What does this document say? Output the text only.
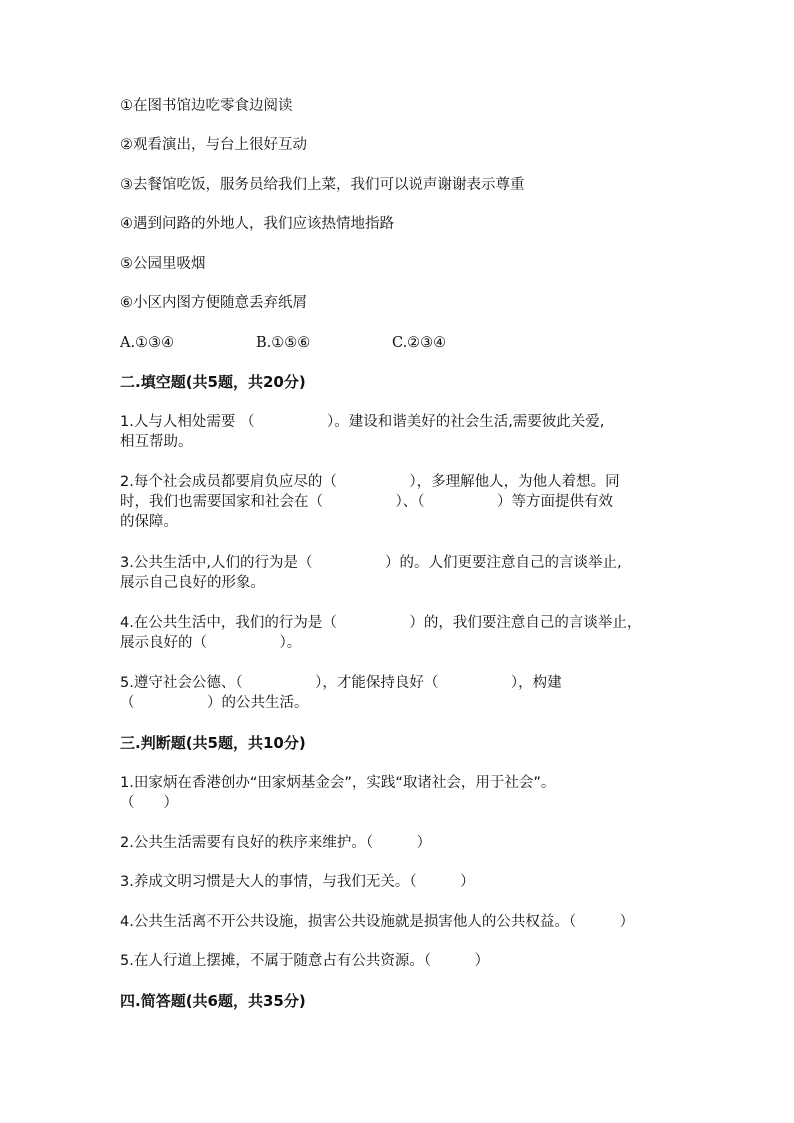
①在图书馆边吃零食边阅读
②观看演出，与台上很好互动
③去餐馆吃饭，服务员给我们上菜，我们可以说声谢谢表示尊重
④遇到问路的外地人，我们应该热情地指路
⑤公园里吸烟
⑥小区内图方便随意丢弃纸屑
A.①③④	B.①⑤⑥	C.②③④
二.填空题(共5题，共20分)
1.人与人相处需要 （　　　　　）。建设和谐美好的社会生活,需要彼此关爱,
相互帮助。
2.每个社会成员都要肩负应尽的（　　　　　），多理解他人，为他人着想。同
时，我们也需要国家和社会在（　　　　　）、（　　　　　）等方面提供有效
的保障。
3.公共生活中,人们的行为是（　　　　　）的。人们更要注意自己的言谈举止,
展示自己良好的形象。
4.在公共生活中，我们的行为是（　　　　　）的，我们要注意自己的言谈举止，
展示良好的（　　　　　）。
5.遵守社会公德、（　　　　　），才能保持良好（　　　　　），构建
（　　　　　）的公共生活。
三.判断题(共5题，共10分)
1.田家炳在香港创办“田家炳基金会”，实践“取诸社会，用于社会”。
（　　）
2.公共生活需要有良好的秩序来维护。（　　　）
3.养成文明习惯是大人的事情，与我们无关。（　　　）
4.公共生活离不开公共设施，损害公共设施就是损害他人的公共权益。（　　　）
5.在人行道上摆摊，不属于随意占有公共资源。（　　　）
四.简答题(共6题，共35分)
